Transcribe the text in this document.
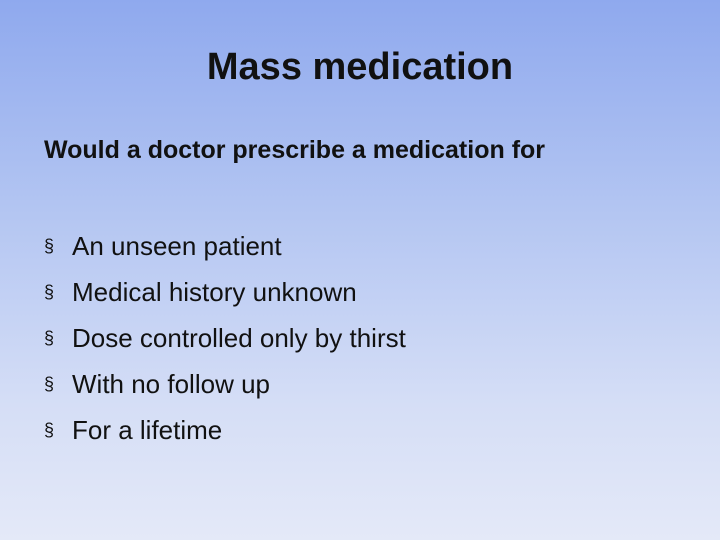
Mass medication
Would a doctor prescribe a medication for
§ An unseen patient
§ Medical history unknown
§ Dose controlled only by thirst
§ With no follow up
§ For a lifetime
